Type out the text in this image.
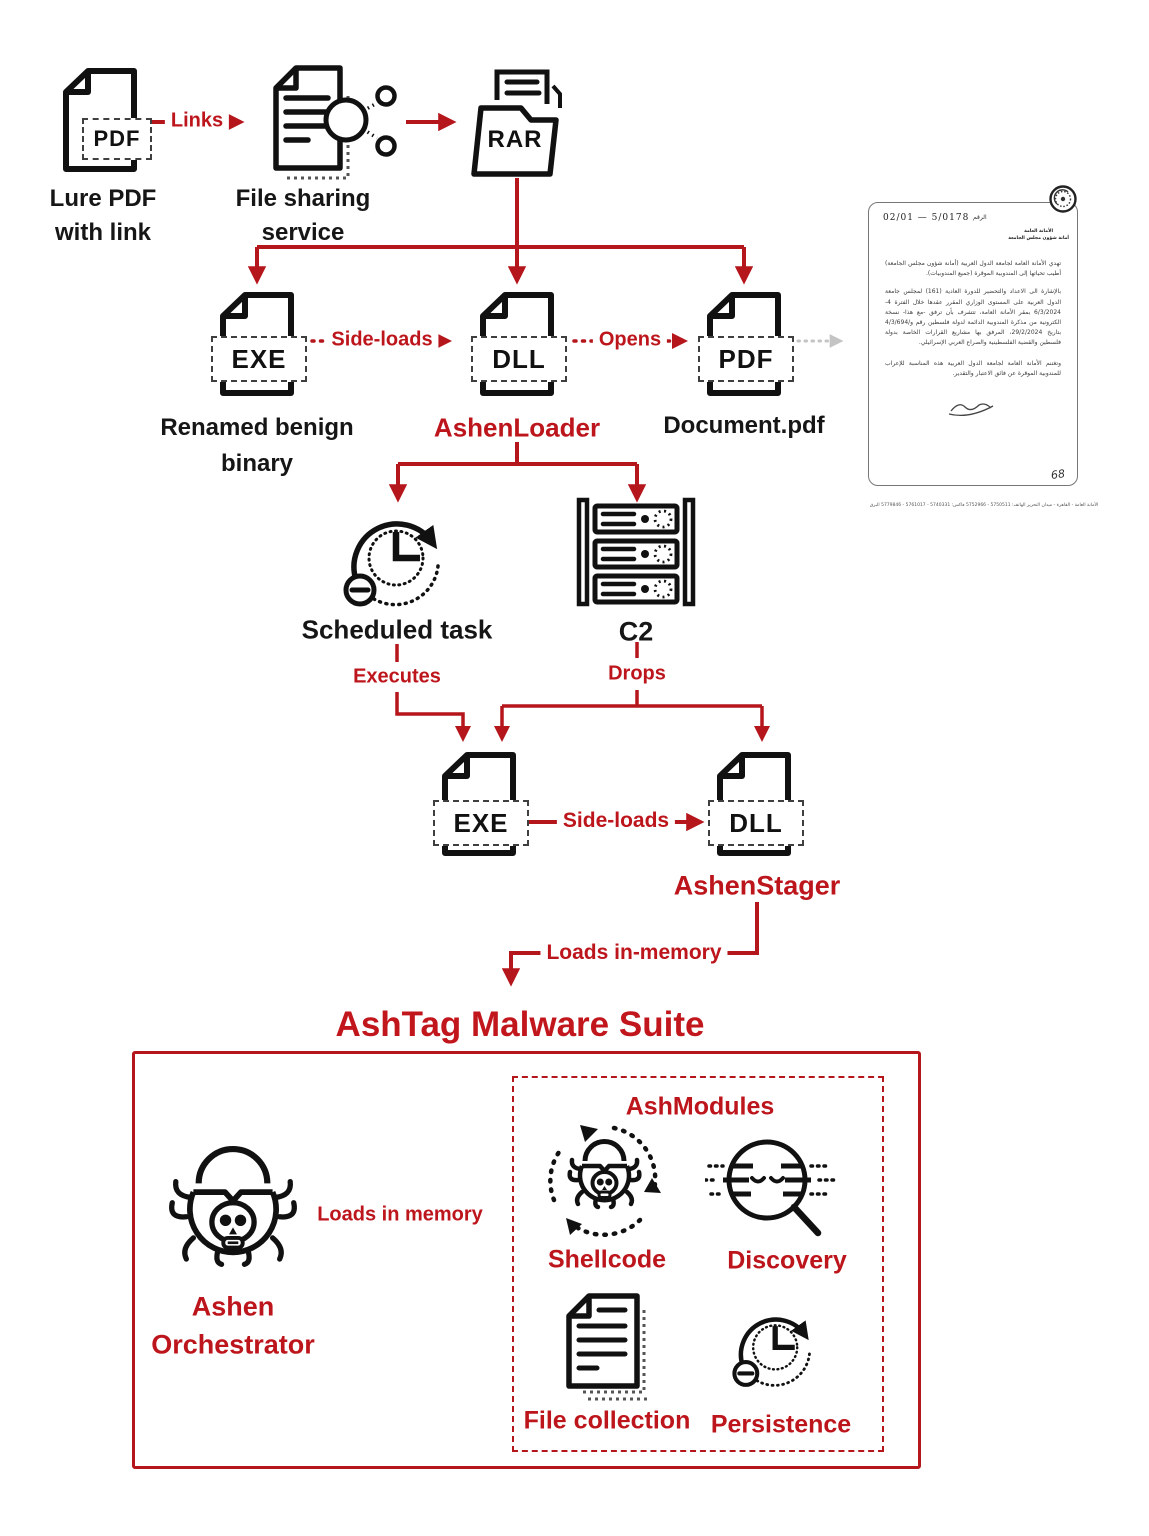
PDF
Lure PDF
with link
Links
File sharing
service
RAR
EXE
Renamed benign
binary
Side-loads
DLL
AshenLoader
Opens
PDF
Document.pdf
02/01 — 5/0178 الرقم
الأمانة العامة
أمانة شؤون مجلس الجامعة
تهدي الأمانة العامة لجامعة الدول العربية (أمانة شؤون مجلس الجامعة) أطيب تحياتها إلى المندوبية الموقرة (جميع المندوبيات).
بالإشارة الى الاعداد والتحضير للدورة العادية (161) لمجلس جامعة الدول العربية على المستوى الوزاري المقرر عقدها خلال الفترة 4-6/3/2024 بمقر الأمانة العامة، تتشرف بأن ترفق -مع هذا- نسخة الكترونية من مذكرة المندوبية الدائمة لدولة فلسطين رقم و/4/3/694 بتاريخ 29/2/2024، المرفق بها مشاريع القرارات الخاصة بدولة فلسطين والقضية الفلسطينية والصراع العربي الإسرائيلي.
وتغتنم الأمانة العامة لجامعة الدول العربية هذه المناسبة للإعراب للمندوبية الموقرة عن فائق الاعتبار والتقدير.
68
الأمانة العامة - القاهرة - ميدان التحرير الهاتف: 5750511 - 5752966 فاكس: 5740331 - 5761017 - 5779846 البرق
Scheduled task	C2
Executes	Drops
EXE	Side-loads	DLL
AshenStager
Loads in-memory
AshTag Malware Suite
Ashen
Orchestrator
Loads in memory
AshModules
Shellcode Discovery
File collection Persistence
